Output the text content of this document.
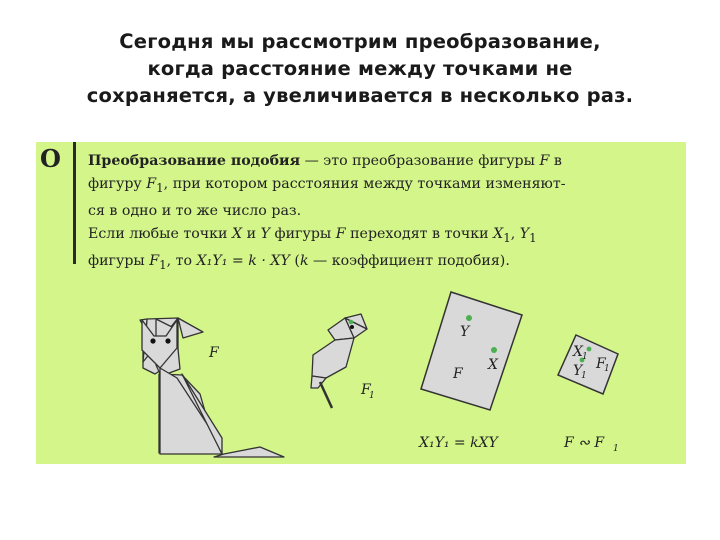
Сегодня мы рассмотрим преобразование,
когда расстояние между точками не
сохраняется, а увеличивается в несколько раз.
О	Преобразование подобия — это преобразование фигуры F в
фигуру $F_1$, при котором расстояния между точками изменяют-
ся в одно и то же число раз.
Если любые точки X и Y фигуры F переходят в точки $X_1$, $Y_1$
фигуры $F_1$, то X₁Y₁ = k · XY (k — коэффициент подобия).
F
F
1
Y
X
F
X 1
Y
1
F
1
X₁Y₁ = kXY	F ∾ F 1
